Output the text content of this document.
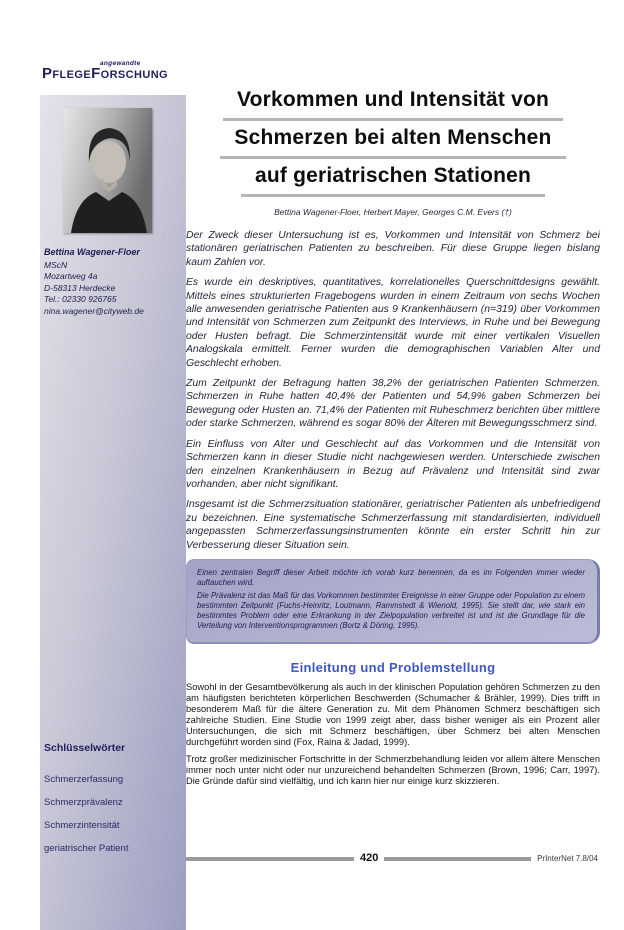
angewandte
PflegeForschung
Bettina Wagener-Floer
MScN
Mozartweg 4a
D-58313 Herdecke
Tel.: 02330 926765
nina.wagener@cityweb.de
Schlüsselwörter
Schmerzerfassung
Schmerzprävalenz
Schmerzintensität
geriatrischer Patient
Vorkommen und Intensität von
Schmerzen bei alten Menschen
auf geriatrischen Stationen
Bettina Wagener-Floer, Herbert Mayer, Georges C.M. Evers (†)

Der Zweck dieser Untersuchung ist es, Vorkommen und Intensität von Schmerz bei stationären geriatrischen Patienten zu beschreiben. Für diese Gruppe liegen bislang kaum Zahlen vor.

Es wurde ein deskriptives, quantitatives, korrelationelles Querschnittdesigns gewählt. Mittels eines strukturierten Fragebogens wurden in einem Zeitraum von sechs Wochen alle anwesenden geriatrische Patienten aus 9 Krankenhäusern (n=319) über Vorkommen und Intensität von Schmerzen zum Zeitpunkt des Interviews, in Ruhe und bei Bewegung oder Husten befragt. Die Schmerzintensität wurde mit einer vertikalen Visuellen Analogskala ermittelt. Ferner wurden die demographischen Variablen Alter und Geschlecht erhoben.

Zum Zeitpunkt der Befragung hatten 38,2% der geriatrischen Patienten Schmerzen. Schmerzen in Ruhe hatten 40,4% der Patienten und 54,9% gaben Schmerzen bei Bewegung oder Husten an. 71,4% der Patienten mit Ruheschmerz berichten über mittlere oder starke Schmerzen, während es sogar 80% der Älteren mit Bewegungsschmerz sind.

Ein Einfluss von Alter und Geschlecht auf das Vorkommen und die Intensität von Schmerzen kann in dieser Studie nicht nachgewiesen werden. Unterschiede zwischen den einzelnen Krankenhäusern in Bezug auf Prävalenz und Intensität sind zwar vorhanden, aber nicht signifikant.

Insgesamt ist die Schmerzsituation stationärer, geriatrischer Patienten als unbefriedigend zu bezeichnen. Eine systematische Schmerzerfassung mit standardisierten, individuell angepassten Schmerzerfassungsinstrumenten könnte ein erster Schritt hin zur Verbesserung dieser Situation sein.

Einen zentralen Begriff dieser Arbeit möchte ich vorab kurz benennen, da es im Folgenden immer wieder auftauchen wird.

Die Prävalenz ist das Maß für das Vorkommen bestimmter Ereignisse in einer Gruppe oder Population zu einem bestimmten Zeitpunkt (Fuchs-Heinritz, Loutmann, Rammstedt & Wienold, 1995). Sie stellt dar, wie stark ein bestimmtes Problem oder eine Erkrankung in der Zielpopulation verbreitet ist und ist die Grundlage für die Verteilung von Interventionsprogrammen (Bortz & Döring, 1995).

Einleitung und Problemstellung

Sowohl in der Gesamtbevölkerung als auch in der klinischen Population gehören Schmerzen zu den am häufigsten berichteten körperlichen Beschwerden (Schumacher & Brähler, 1999). Dies trifft in besonderem Maß für die ältere Generation zu. Mit dem Phänomen Schmerz beschäftigen sich zahlreiche Studien. Eine Studie von 1999 zeigt aber, dass bisher weniger als ein Prozent aller Untersuchungen, die sich mit Schmerz beschäftigen, über Schmerz bei alten Menschen durchgeführt worden sind (Fox, Raina & Jadad, 1999).

Trotz großer medizinischer Fortschritte in der Schmerzbehandlung leiden vor allem ältere Menschen immer noch unter nicht oder nur unzureichend behandelten Schmerzen (Brown, 1996; Carr, 1997). Die Gründe dafür sind vielfältig, und ich kann hier nur einige kurz skizzieren.

420	PrInterNet 7.8/04
